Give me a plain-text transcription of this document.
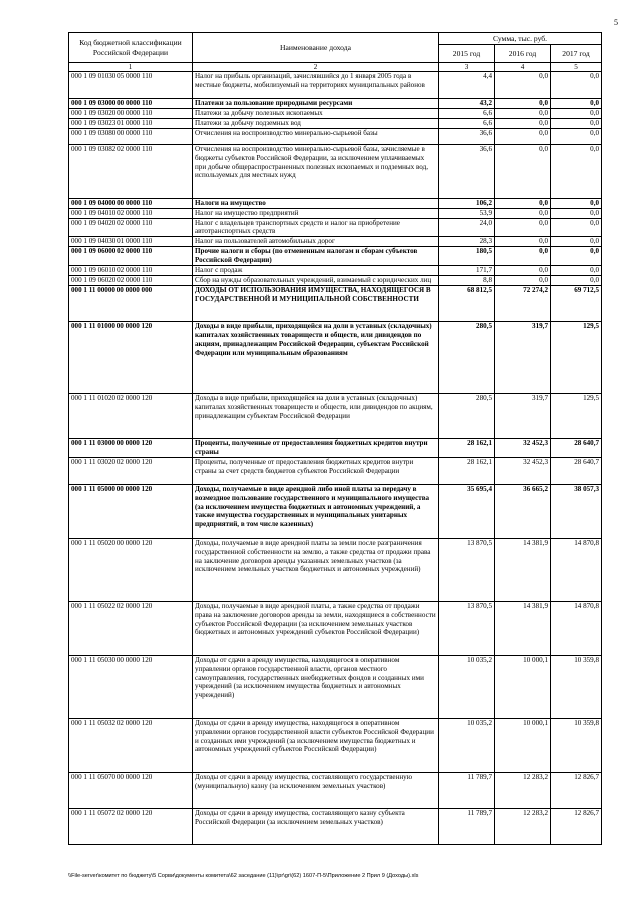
5
Код бюджетной классификации Российской Федерации	Наименование дохода	Сумма, тыс. руб.		
		2015 год	2016 год	2017 год
1	2	3	4	5
000 1 09 01030 05 0000 110	Налог на прибыль организаций, зачислявшийся до 1 января 2005 года в местные бюджеты, мобилизуемый на территориях муниципальных районов	4,4	0,0	0,0
000 1 09 03000 00 0000 110	Платежи за пользование природными ресурсами	43,2	0,0	0,0
000 1 09 03020 00 0000 110	Платежи за добычу полезных ископаемых	6,6	0,0	0,0
000 1 09 03023 01 0000 110	Платежи за добычу подземных вод	6,6	0,0	0,0
000 1 09 03080 00 0000 110	Отчисления на воспроизводство минерально-сырьевой базы	36,6	0,0	0,0
000 1 09 03082 02 0000 110	Отчисления на воспроизводство минерально-сырьевой базы, зачисляемые в бюджеты субъектов Российской Федерации, за исключением уплачиваемых при добыче общераспространенных полезных ископаемых и подземных вод, используемых для местных нужд	36,6	0,0	0,0
000 1 09 04000 00 0000 110	Налоги на имущество	106,2	0,0	0,0
000 1 09 04010 02 0000 110	Налог на имущество предприятий	53,9	0,0	0,0
000 1 09 04020 02 0000 110	Налог с владельцев транспортных средств и налог на приобретение автотранспортных средств	24,0	0,0	0,0
000 1 09 04030 01 0000 110	Налог на пользователей автомобильных дорог	28,3	0,0	0,0
000 1 09 06000 02 0000 110	Прочие налоги и сборы (по отмененным налогам и сборам субъектов Российской Федерации)	180,5	0,0	0,0
000 1 09 06010 02 0000 110	Налог с продаж	171,7	0,0	0,0
000 1 09 06020 02 0000 110	Сбор на нужды образовательных учреждений, взимаемый с юридических лиц	8,8	0,0	0,0
000 1 11 00000 00 0000 000	ДОХОДЫ ОТ ИСПОЛЬЗОВАНИЯ ИМУЩЕСТВА, НАХОДЯЩЕГОСЯ В ГОСУДАРСТВЕННОЙ И МУНИЦИПАЛЬНОЙ СОБСТВЕННОСТИ	68 812,5	72 274,2	69 712,5
000 1 11 01000 00 0000 120	Доходы в виде прибыли, приходящейся на доли в уставных (складочных) капиталах хозяйственных товариществ и обществ, или дивидендов по акциям, принадлежащим Российской Федерации, субъектам Российской Федерации или муниципальным образованиям	280,5	319,7	129,5
000 1 11 01020 02 0000 120	Доходы в виде прибыли, приходящейся на доли в уставных (складочных) капиталах хозяйственных товариществ и обществ, или дивидендов по акциям, принадлежащим субъектам Российской Федерации	280,5	319,7	129,5
000 1 11 03000 00 0000 120	Проценты, полученные от предоставления бюджетных кредитов внутри страны	28 162,1	32 452,3	28 640,7
000 1 11 03020 02 0000 120	Проценты, полученные от предоставления бюджетных кредитов внутри страны за счет средств бюджетов субъектов Российской Федерации	28 162,1	32 452,3	28 640,7
000 1 11 05000 00 0000 120	Доходы, получаемые в виде арендной либо иной платы за передачу в возмездное пользование государственного и муниципального имущества (за исключением имущества бюджетных и автономных учреждений, а также имущества государственных и муниципальных унитарных предприятий, в том числе казенных)	35 695,4	36 665,2	38 057,3
000 1 11 05020 00 0000 120	Доходы, получаемые в виде арендной платы за земли после разграничения государственной собственности на землю, а также средства от продажи права на заключение договоров аренды указанных земельных участков (за исключением земельных участков бюджетных и автономных учреждений)	13 870,5	14 381,9	14 870,8
000 1 11 05022 02 0000 120	Доходы, получаемые в виде арендной платы, а также средства от продажи права на заключение договоров аренды за земли, находящиеся в собственности субъектов Российской Федерации (за исключением земельных участков бюджетных и автономных учреждений субъектов Российской Федерации)	13 870,5	14 381,9	14 870,8
000 1 11 05030 00 0000 120	Доходы от сдачи в аренду имущества, находящегося в оперативном управлении органов государственной власти, органов местного самоуправления, государственных внебюджетных фондов и созданных ими учреждений (за исключением имущества бюджетных и автономных учреждений)	10 035,2	10 000,1	10 359,8
000 1 11 05032 02 0000 120	Доходы от сдачи в аренду имущества, находящегося в оперативном управлении органов государственной власти субъектов Российской Федерации и созданных ими учреждений (за исключением имущества бюджетных и автономных учреждений субъектов Российской Федерации)	10 035,2	10 000,1	10 359,8
000 1 11 05070 00 0000 120	Доходы от сдачи в аренду имущества, составляющего государственную (муниципальную) казну (за исключением земельных участков)	11 789,7	12 283,2	12 826,7
000 1 11 05072 02 0000 120	Доходы от сдачи в аренду имущества, составляющего казну субъекта Российской Федерации (за исключением земельных участков)	11 789,7	12 283,2	12 826,7
\\File-server\комитет по бюджету\5 Сорви\документы комитета\62 заседание (11)\pr\gr\(62) 1607-П-5\Приложение 2 Прил 9 (Доходы).xls
